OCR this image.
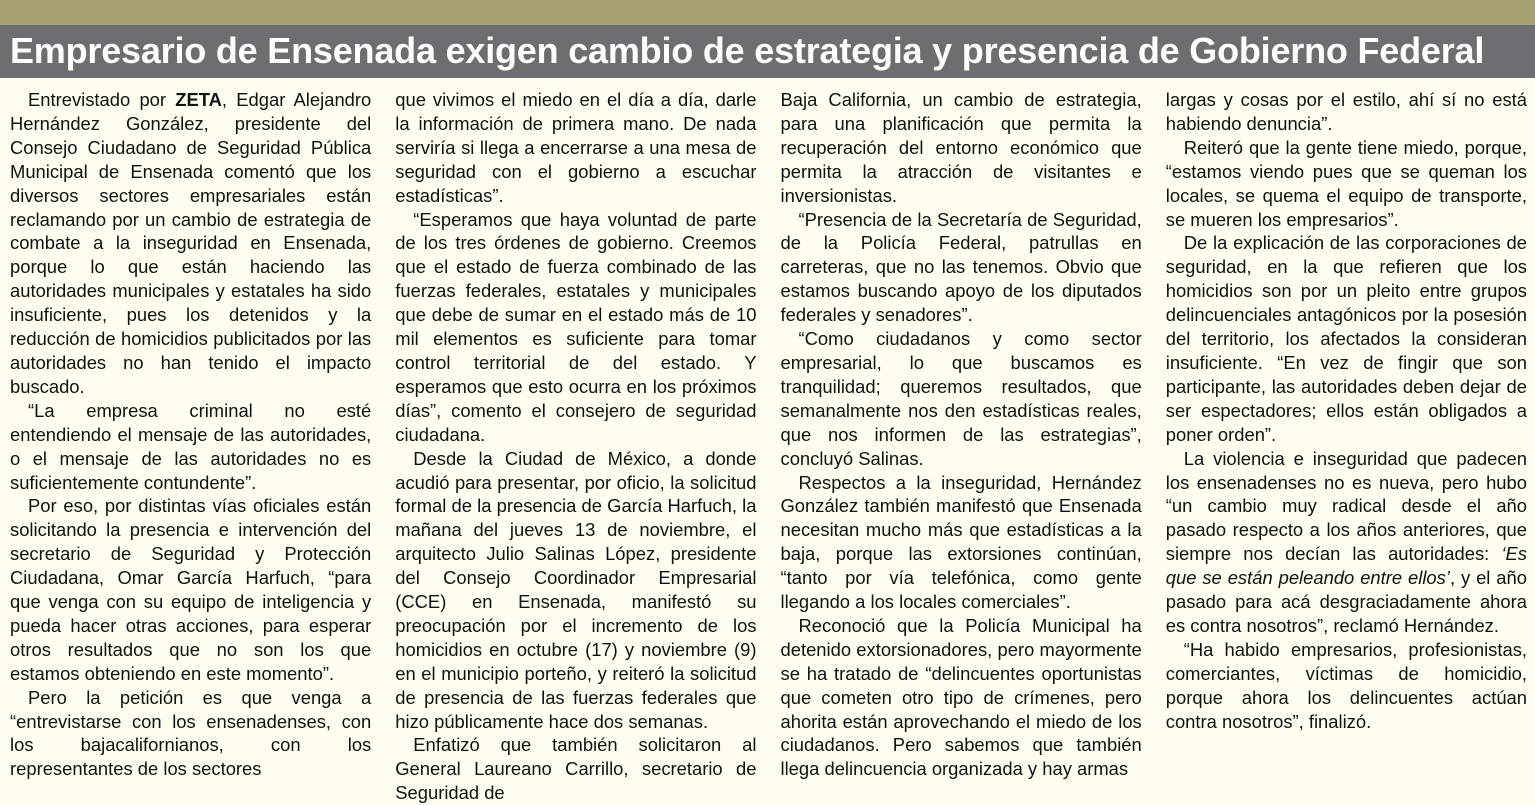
Empresario de Ensenada exigen cambio de estrategia y presencia de Gobierno Federal

Entrevistado por ZETA, Edgar Alejandro Hernández González, presidente del Consejo Ciudadano de Seguridad Pública Municipal de Ensenada comentó que los diversos sectores empresariales están reclamando por un cambio de estrategia de combate a la inseguridad en Ensenada, porque lo que están haciendo las autoridades municipales y estatales ha sido insuficiente, pues los detenidos y la reducción de homicidios publicitados por las autoridades no han tenido el impacto buscado.

“La empresa criminal no esté entendiendo el mensaje de las autoridades, o el mensaje de las autoridades no es suficientemente contundente”.

Por eso, por distintas vías oficiales están solicitando la presencia e intervención del secretario de Seguridad y Protección Ciudadana, Omar García Harfuch, “para que venga con su equipo de inteligencia y pueda hacer otras acciones, para esperar otros resultados que no son los que estamos obteniendo en este momento”.

Pero la petición es que venga a “entrevistarse con los ensenadenses, con los bajacalifornianos, con los representantes de los sectores

que vivimos el miedo en el día a día, darle la información de primera mano. De nada serviría si llega a encerrarse a una mesa de seguridad con el gobierno a escuchar estadísticas”.

“Esperamos que haya voluntad de parte de los tres órdenes de gobierno. Creemos que el estado de fuerza combinado de las fuerzas federales, estatales y municipales que debe de sumar en el estado más de 10 mil elementos es suficiente para tomar control territorial de del estado. Y esperamos que esto ocurra en los próximos días”, comento el consejero de seguridad ciudadana.

Desde la Ciudad de México, a donde acudió para presentar, por oficio, la solicitud formal de la presencia de García Harfuch, la mañana del jueves 13 de noviembre, el arquitecto Julio Salinas López, presidente del Consejo Coordinador Empresarial (CCE) en Ensenada, manifestó su preocupación por el incremento de los homicidios en octubre (17) y noviembre (9) en el municipio porteño, y reiteró la solicitud de presencia de las fuerzas federales que hizo públicamente hace dos semanas.

Enfatizó que también solicitaron al General Laureano Carrillo, secretario de Seguridad de

Baja California, un cambio de estrategia, para una planificación que permita la recuperación del entorno económico que permita la atracción de visitantes e inversionistas.

“Presencia de la Secretaría de Seguridad, de la Policía Federal, patrullas en carreteras, que no las tenemos. Obvio que estamos buscando apoyo de los diputados federales y senadores”.

“Como ciudadanos y como sector empresarial, lo que buscamos es tranquilidad; queremos resultados, que semanalmente nos den estadísticas reales, que nos informen de las estrategias”, concluyó Salinas.

Respectos a la inseguridad, Hernández González también manifestó que Ensenada necesitan mucho más que estadísticas a la baja, porque las extorsiones continúan, “tanto por vía telefónica, como gente llegando a los locales comerciales”.

Reconoció que la Policía Municipal ha detenido extorsionadores, pero mayormente se ha tratado de “delincuentes oportunistas que cometen otro tipo de crímenes, pero ahorita están aprovechando el miedo de los ciudadanos. Pero sabemos que también llega delincuencia organizada y hay armas

largas y cosas por el estilo, ahí sí no está habiendo denuncia”.

Reiteró que la gente tiene miedo, porque, “estamos viendo pues que se queman los locales, se quema el equipo de transporte, se mueren los empresarios”.

De la explicación de las corporaciones de seguridad, en la que refieren que los homicidios son por un pleito entre grupos delincuenciales antagónicos por la posesión del territorio, los afectados la consideran insuficiente. “En vez de fingir que son participante, las autoridades deben dejar de ser espectadores; ellos están obligados a poner orden”.

La violencia e inseguridad que padecen los ensenadenses no es nueva, pero hubo “un cambio muy radical desde el año pasado respecto a los años anteriores, que siempre nos decían las autoridades: ‘Es que se están peleando entre ellos’, y el año pasado para acá desgraciadamente ahora es contra nosotros”, reclamó Hernández.

“Ha habido empresarios, profesionistas, comerciantes, víctimas de homicidio, porque ahora los delincuentes actúan contra nosotros”, finalizó.
